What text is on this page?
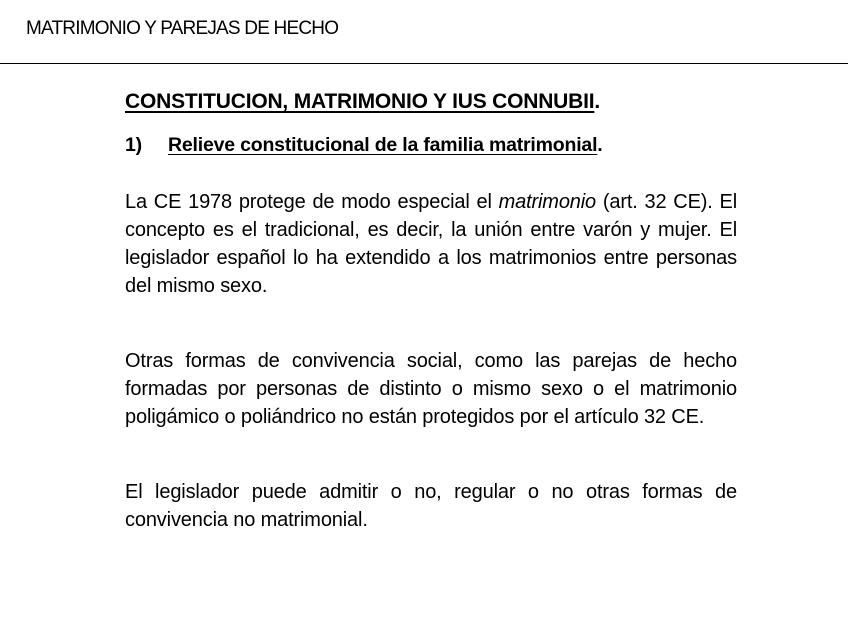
MATRIMONIO Y PAREJAS DE HECHO
CONSTITUCION, MATRIMONIO Y IUS CONNUBII.
1) Relieve constitucional de la familia matrimonial.

La CE 1978 protege de modo especial el matrimonio (art. 32 CE). El concepto es el tradicional, es decir, la unión entre varón y mujer. El legislador español lo ha extendido a los matrimonios entre personas del mismo sexo.

Otras formas de convivencia social, como las parejas de hecho formadas por personas de distinto o mismo sexo o el matrimonio poligámico o poliándrico no están protegidos por el artículo 32 CE.

El legislador puede admitir o no, regular o no otras formas de convivencia no matrimonial.
